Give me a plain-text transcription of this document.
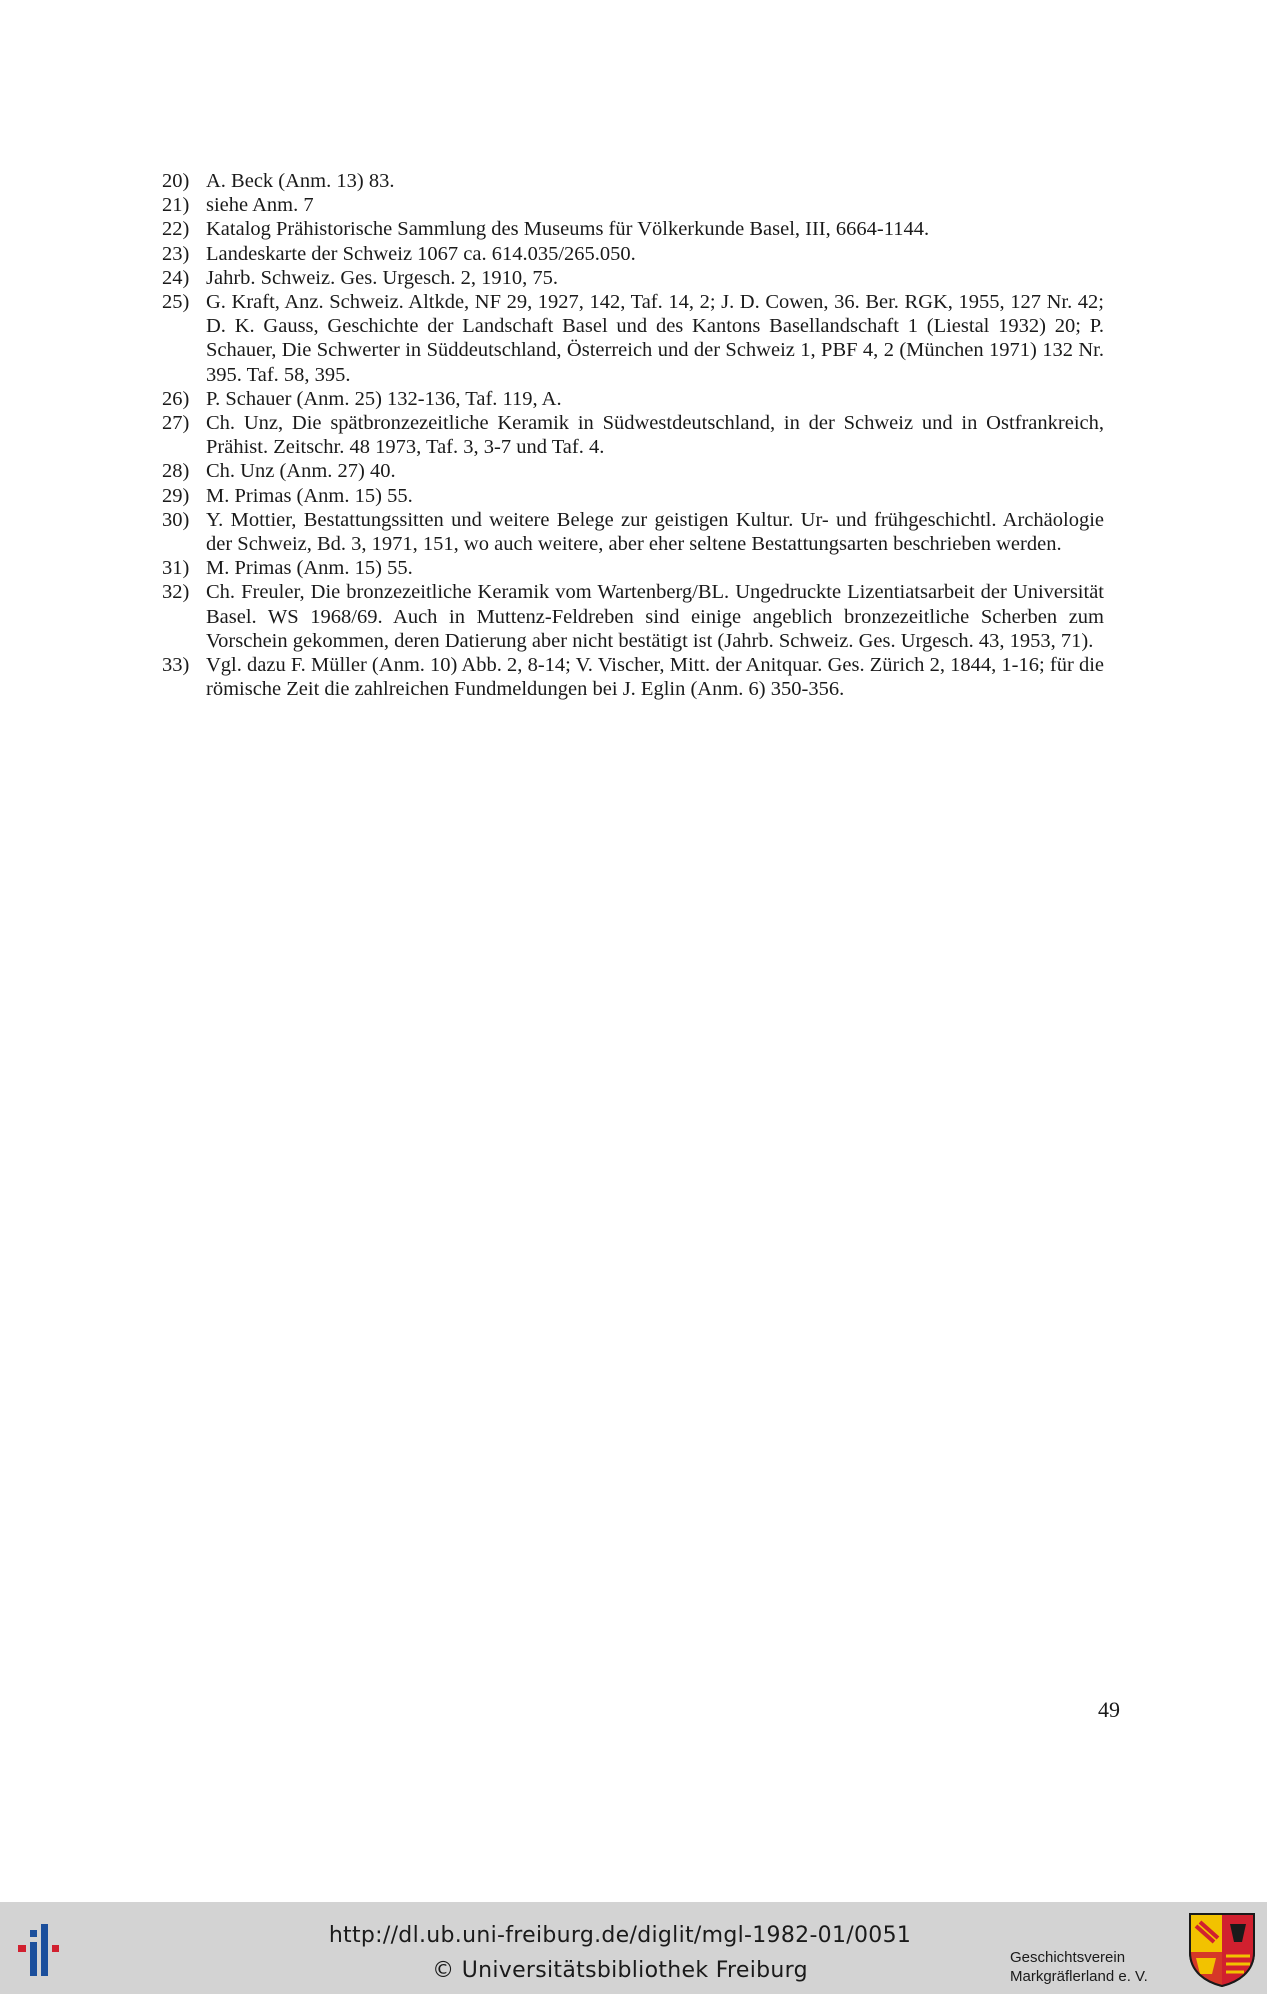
20) A. Beck (Anm. 13) 83.
21) siehe Anm. 7
22) Katalog Prähistorische Sammlung des Museums für Völkerkunde Basel, III, 6664-1144.
23) Landeskarte der Schweiz 1067 ca. 614.035/265.050.
24) Jahrb. Schweiz. Ges. Urgesch. 2, 1910, 75.
25) G. Kraft, Anz. Schweiz. Altkde, NF 29, 1927, 142, Taf. 14, 2; J. D. Cowen, 36. Ber. RGK, 1955, 127 Nr. 42; D. K. Gauss, Geschichte der Landschaft Basel und des Kantons Basellandschaft 1 (Liestal 1932) 20; P. Schauer, Die Schwerter in Süddeutschland, Österreich und der Schweiz 1, PBF 4, 2 (München 1971) 132 Nr. 395. Taf. 58, 395.
26) P. Schauer (Anm. 25) 132-136, Taf. 119, A.
27) Ch. Unz, Die spätbronzezeitliche Keramik in Südwestdeutschland, in der Schweiz und in Ostfrankreich, Prähist. Zeitschr. 48 1973, Taf. 3, 3-7 und Taf. 4.
28) Ch. Unz (Anm. 27) 40.
29) M. Primas (Anm. 15) 55.
30) Y. Mottier, Bestattungssitten und weitere Belege zur geistigen Kultur. Ur- und frühgeschichtl. Archäologie der Schweiz, Bd. 3, 1971, 151, wo auch weitere, aber eher seltene Bestattungsarten beschrieben werden.
31) M. Primas (Anm. 15) 55.
32) Ch. Freuler, Die bronzezeitliche Keramik vom Wartenberg/BL. Ungedruckte Lizentiatsarbeit der Universität Basel. WS 1968/69. Auch in Muttenz-Feldreben sind einige angeblich bronzezeitliche Scherben zum Vorschein gekommen, deren Datierung aber nicht bestätigt ist (Jahrb. Schweiz. Ges. Urgesch. 43, 1953, 71).
33) Vgl. dazu F. Müller (Anm. 10) Abb. 2, 8-14; V. Vischer, Mitt. der Anitquar. Ges. Zürich 2, 1844, 1-16; für die römische Zeit die zahlreichen Fundmeldungen bei J. Eglin (Anm. 6) 350-356.
49
http://dl.ub.uni-freiburg.de/diglit/mgl-1982-01/0051
© Universitätsbibliothek Freiburg
Geschichtsverein
Markgräflerland e. V.
